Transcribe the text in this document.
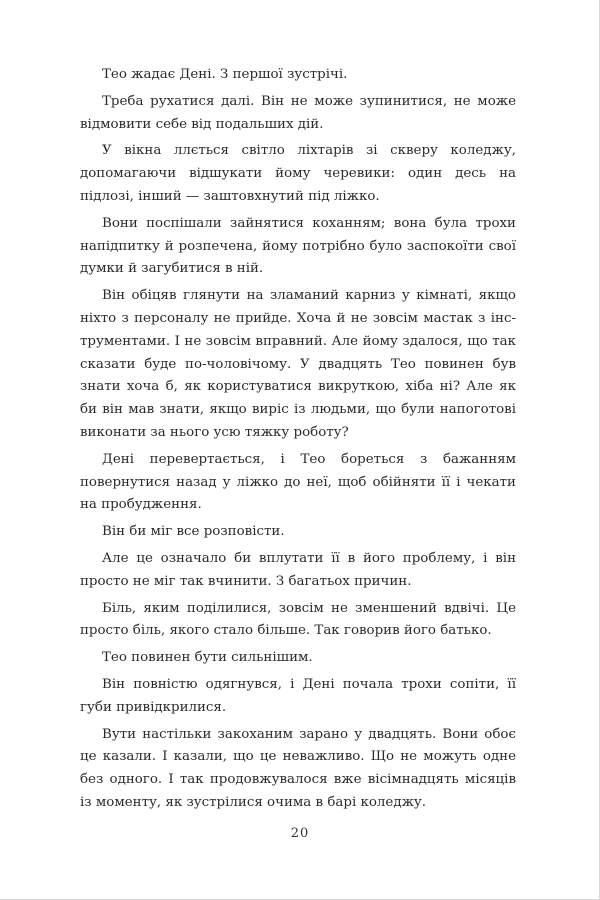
Тео жадає Дені. З першої зустрічі.

Треба рухатися далі. Він не може зупинитися, не може відмовити себе від подальших дій.

У вікна ллється світло ліхтарів зі скверу коледжу, допомагаючи відшукати йому черевики: один десь на підлозі, інший — заштовхнутий під ліжко.

Вони поспішали зайнятися коханням; вона була трохи напідпитку й розпечена, йому потрібно було заспокоїти свої думки й загубитися в ній.

Він обіцяв глянути на зламаний карниз у кімнаті, якщо ніхто з персоналу не прийде. Хоча й не зовсім мастак з інструментами. І не зовсім вправний. Але йому здалося, що так сказати буде по-чоловічому. У двадцять Тео повинен був знати хоча б, як користуватися викруткою, хіба ні? Але як би він мав знати, якщо виріс із людьми, що були напоготові виконати за нього усю тяжку роботу?

Дені перевертається, і Тео бореться з бажанням повернутися назад у ліжко до неї, щоб обійняти її і чекати на пробудження.

Він би міг все розповісти.

Але це означало би вплутати її в його проблему, і він просто не міг так вчинити. З багатьох причин.

Біль, яким поділилися, зовсім не зменшений вдвічі. Це просто біль, якого стало більше. Так говорив його батько.

Тео повинен бути сильнішим.

Він повністю одягнувся, і Дені почала трохи сопіти, її губи привідкрилися.

Вути настільки закоханим зарано у двадцять. Вони обоє це казали. І казали, що це неважливо. Що не можуть одне без одного. І так продовжувалося вже вісімнадцять місяців із моменту, як зустрілися очима в барі коледжу.

20
